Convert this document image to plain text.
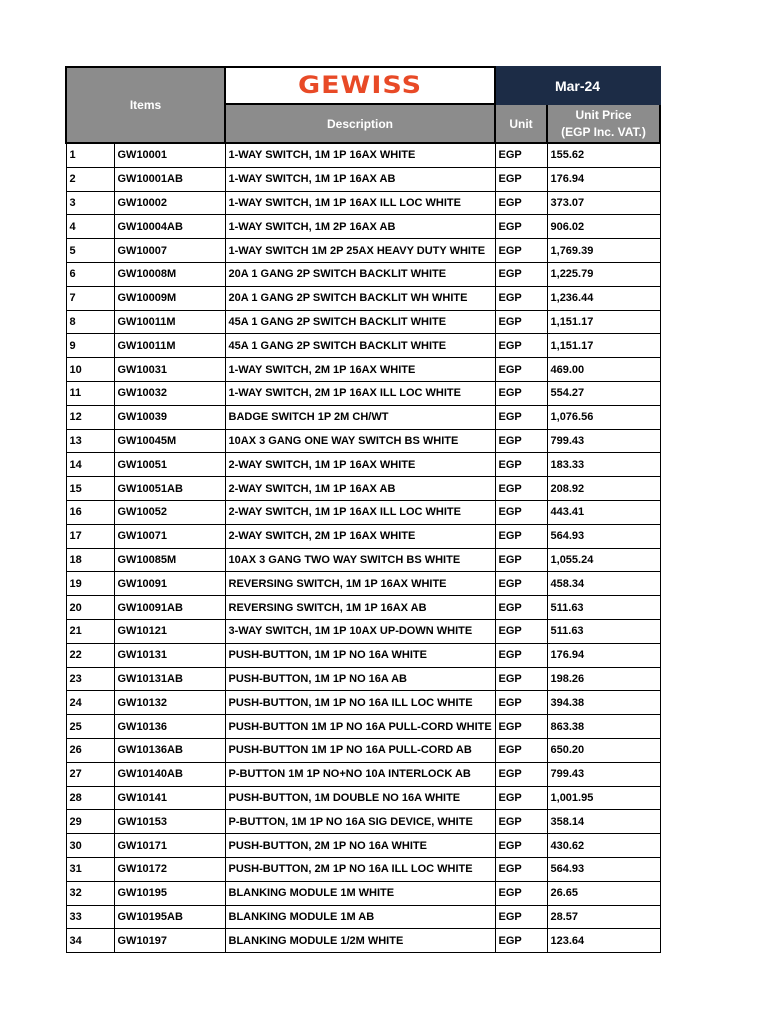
Items		GEWISS	Mar-24	
		Description	Unit	Unit Price
(EGP Inc. VAT.)
1	GW10001	1-WAY SWITCH, 1M 1P 16AX WHITE	EGP	155.62
2	GW10001AB	1-WAY SWITCH, 1M 1P 16AX AB	EGP	176.94
3	GW10002	1-WAY SWITCH, 1M 1P 16AX ILL LOC WHITE	EGP	373.07
4	GW10004AB	1-WAY SWITCH, 1M 2P 16AX AB	EGP	906.02
5	GW10007	1-WAY SWITCH 1M 2P 25AX HEAVY DUTY WHITE	EGP	1,769.39
6	GW10008M	20A 1 GANG 2P SWITCH BACKLIT WHITE	EGP	1,225.79
7	GW10009M	20A 1 GANG 2P SWITCH BACKLIT WH WHITE	EGP	1,236.44
8	GW10011M	45A 1 GANG 2P SWITCH BACKLIT WHITE	EGP	1,151.17
9	GW10011M	45A 1 GANG 2P SWITCH BACKLIT WHITE	EGP	1,151.17
10	GW10031	1-WAY SWITCH, 2M 1P 16AX WHITE	EGP	469.00
11	GW10032	1-WAY SWITCH, 2M 1P 16AX ILL LOC WHITE	EGP	554.27
12	GW10039	BADGE SWITCH 1P 2M CH/WT	EGP	1,076.56
13	GW10045M	10AX 3 GANG ONE WAY SWITCH BS WHITE	EGP	799.43
14	GW10051	2-WAY SWITCH, 1M 1P 16AX WHITE	EGP	183.33
15	GW10051AB	2-WAY SWITCH, 1M 1P 16AX AB	EGP	208.92
16	GW10052	2-WAY SWITCH, 1M 1P 16AX ILL LOC WHITE	EGP	443.41
17	GW10071	2-WAY SWITCH, 2M 1P 16AX WHITE	EGP	564.93
18	GW10085M	10AX 3 GANG TWO WAY SWITCH BS WHITE	EGP	1,055.24
19	GW10091	REVERSING SWITCH, 1M 1P 16AX WHITE	EGP	458.34
20	GW10091AB	REVERSING SWITCH, 1M 1P 16AX AB	EGP	511.63
21	GW10121	3-WAY SWITCH, 1M 1P 10AX UP-DOWN WHITE	EGP	511.63
22	GW10131	PUSH-BUTTON, 1M 1P NO 16A WHITE	EGP	176.94
23	GW10131AB	PUSH-BUTTON, 1M 1P NO 16A AB	EGP	198.26
24	GW10132	PUSH-BUTTON, 1M 1P NO 16A ILL LOC WHITE	EGP	394.38
25	GW10136	PUSH-BUTTON 1M 1P NO 16A PULL-CORD WHITE	EGP	863.38
26	GW10136AB	PUSH-BUTTON 1M 1P NO 16A PULL-CORD AB	EGP	650.20
27	GW10140AB	P-BUTTON 1M 1P NO+NO 10A INTERLOCK AB	EGP	799.43
28	GW10141	PUSH-BUTTON, 1M DOUBLE NO 16A WHITE	EGP	1,001.95
29	GW10153	P-BUTTON, 1M 1P NO 16A SIG DEVICE, WHITE	EGP	358.14
30	GW10171	PUSH-BUTTON, 2M 1P NO 16A WHITE	EGP	430.62
31	GW10172	PUSH-BUTTON, 2M 1P NO 16A ILL LOC WHITE	EGP	564.93
32	GW10195	BLANKING MODULE 1M WHITE	EGP	26.65
33	GW10195AB	BLANKING MODULE 1M AB	EGP	28.57
34	GW10197	BLANKING MODULE 1/2M WHITE	EGP	123.64
